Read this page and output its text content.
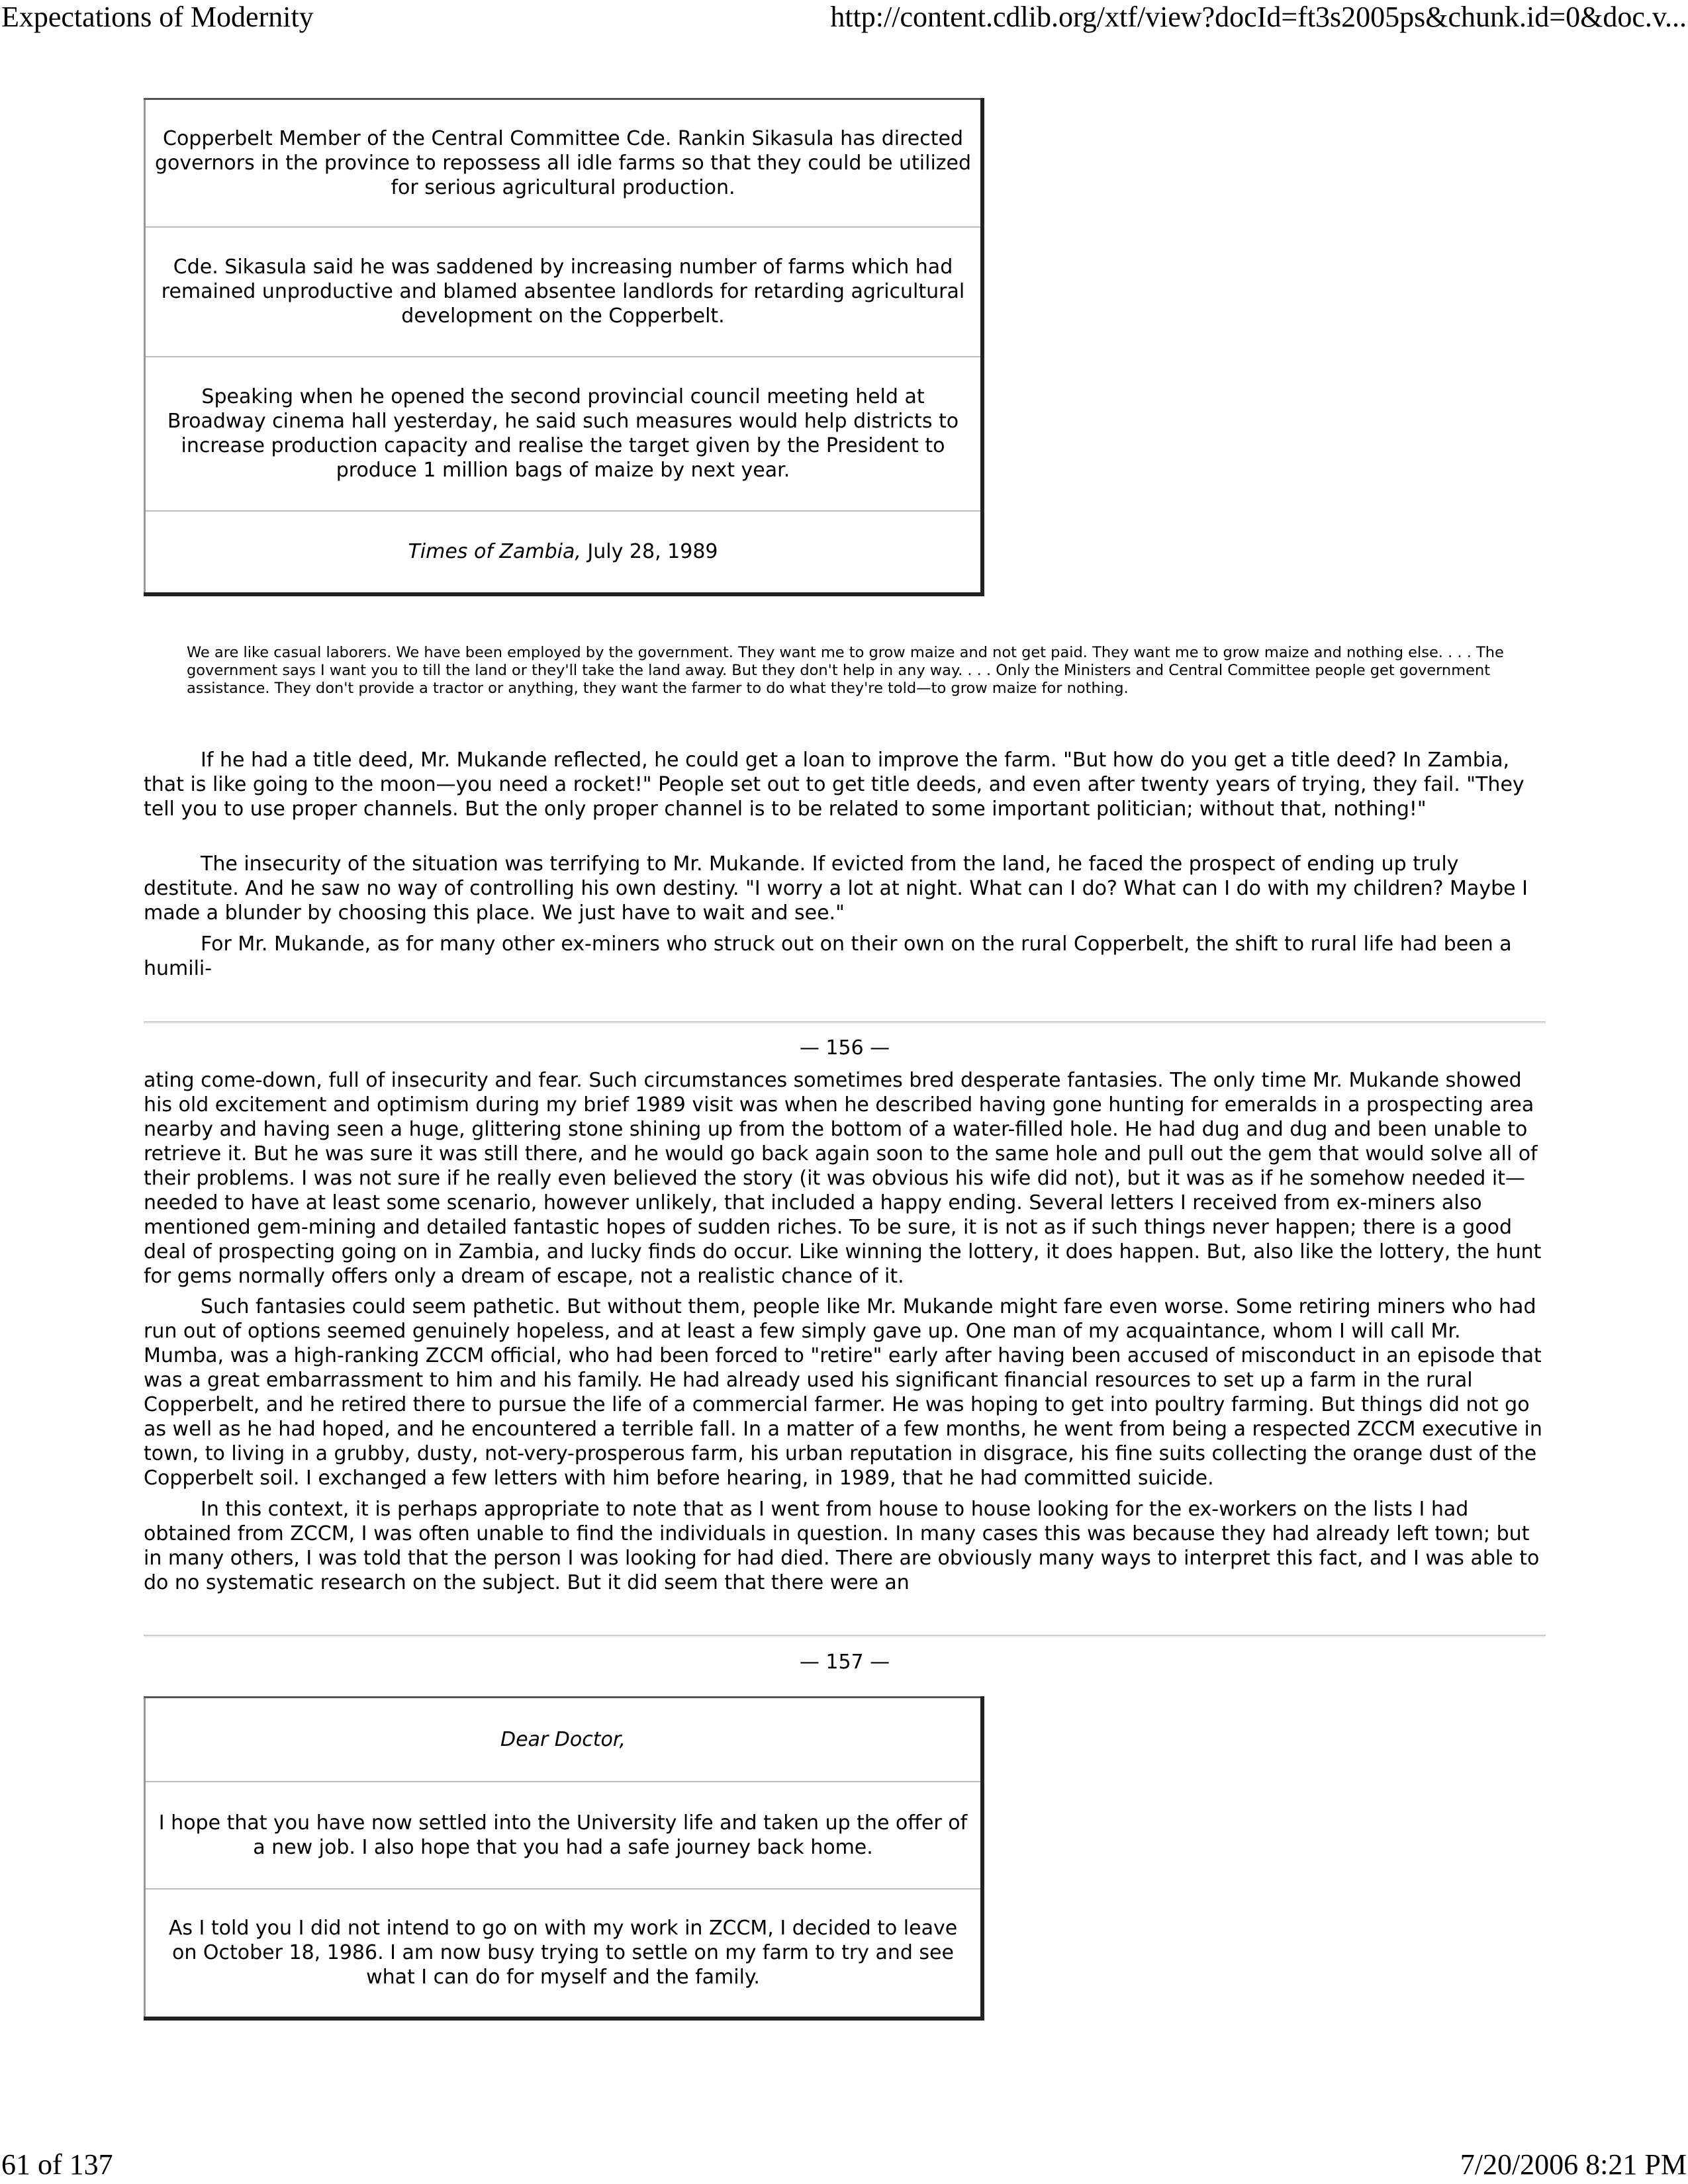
Expectations of Modernity	http://content.cdlib.org/xtf/view?docId=ft3s2005ps&chunk.id=0&doc.v...
Copperbelt Member of the Central Committee Cde. Rankin Sikasula has directed governors in the province to repossess all idle farms so that they could be utilized for serious agricultural production.
Cde. Sikasula said he was saddened by increasing number of farms which had remained unproductive and blamed absentee landlords for retarding agricultural development on the Copperbelt.
Speaking when he opened the second provincial council meeting held at Broadway cinema hall yesterday, he said such measures would help districts to increase production capacity and realise the target given by the President to produce 1 million bags of maize by next year.
Times of Zambia, July 28, 1989

We are like casual laborers. We have been employed by the government. They want me to grow maize and not get paid. They want me to grow maize and nothing else. . . . The government says I want you to till the land or they'll take the land away. But they don't help in any way. . . . Only the Ministers and Central Committee people get government assistance. They don't provide a tractor or anything, they want the farmer to do what they're told—to grow maize for nothing.

If he had a title deed, Mr. Mukande reflected, he could get a loan to improve the farm. "But how do you get a title deed? In Zambia, that is like going to the moon—you need a rocket!" People set out to get title deeds, and even after twenty years of trying, they fail. "They tell you to use proper channels. But the only proper channel is to be related to some important politician; without that, nothing!"

The insecurity of the situation was terrifying to Mr. Mukande. If evicted from the land, he faced the prospect of ending up truly destitute. And he saw no way of controlling his own destiny. "I worry a lot at night. What can I do? What can I do with my children? Maybe I made a blunder by choosing this place. We just have to wait and see."

For Mr. Mukande, as for many other ex-miners who struck out on their own on the rural Copperbelt, the shift to rural life had been a humili-

— 156 —

ating come-down, full of insecurity and fear. Such circumstances sometimes bred desperate fantasies. The only time Mr. Mukande showed his old excitement and optimism during my brief 1989 visit was when he described having gone hunting for emeralds in a prospecting area nearby and having seen a huge, glittering stone shining up from the bottom of a water-filled hole. He had dug and dug and been unable to retrieve it. But he was sure it was still there, and he would go back again soon to the same hole and pull out the gem that would solve all of their problems. I was not sure if he really even believed the story (it was obvious his wife did not), but it was as if he somehow needed it—needed to have at least some scenario, however unlikely, that included a happy ending. Several letters I received from ex-miners also mentioned gem-mining and detailed fantastic hopes of sudden riches. To be sure, it is not as if such things never happen; there is a good deal of prospecting going on in Zambia, and lucky finds do occur. Like winning the lottery, it does happen. But, also like the lottery, the hunt for gems normally offers only a dream of escape, not a realistic chance of it.

Such fantasies could seem pathetic. But without them, people like Mr. Mukande might fare even worse. Some retiring miners who had run out of options seemed genuinely hopeless, and at least a few simply gave up. One man of my acquaintance, whom I will call Mr. Mumba, was a high-ranking ZCCM official, who had been forced to "retire" early after having been accused of misconduct in an episode that was a great embarrassment to him and his family. He had already used his significant financial resources to set up a farm in the rural Copperbelt, and he retired there to pursue the life of a commercial farmer. He was hoping to get into poultry farming. But things did not go as well as he had hoped, and he encountered a terrible fall. In a matter of a few months, he went from being a respected ZCCM executive in town, to living in a grubby, dusty, not-very-prosperous farm, his urban reputation in disgrace, his fine suits collecting the orange dust of the Copperbelt soil. I exchanged a few letters with him before hearing, in 1989, that he had committed suicide.

In this context, it is perhaps appropriate to note that as I went from house to house looking for the ex-workers on the lists I had obtained from ZCCM, I was often unable to find the individuals in question. In many cases this was because they had already left town; but in many others, I was told that the person I was looking for had died. There are obviously many ways to interpret this fact, and I was able to do no systematic research on the subject. But it did seem that there were an

— 157 —
Dear Doctor,
I hope that you have now settled into the University life and taken up the offer of a new job. I also hope that you had a safe journey back home.
As I told you I did not intend to go on with my work in ZCCM, I decided to leave on October 18, 1986. I am now busy trying to settle on my farm to try and see what I can do for myself and the family.
61 of 137	7/20/2006 8:21 PM
